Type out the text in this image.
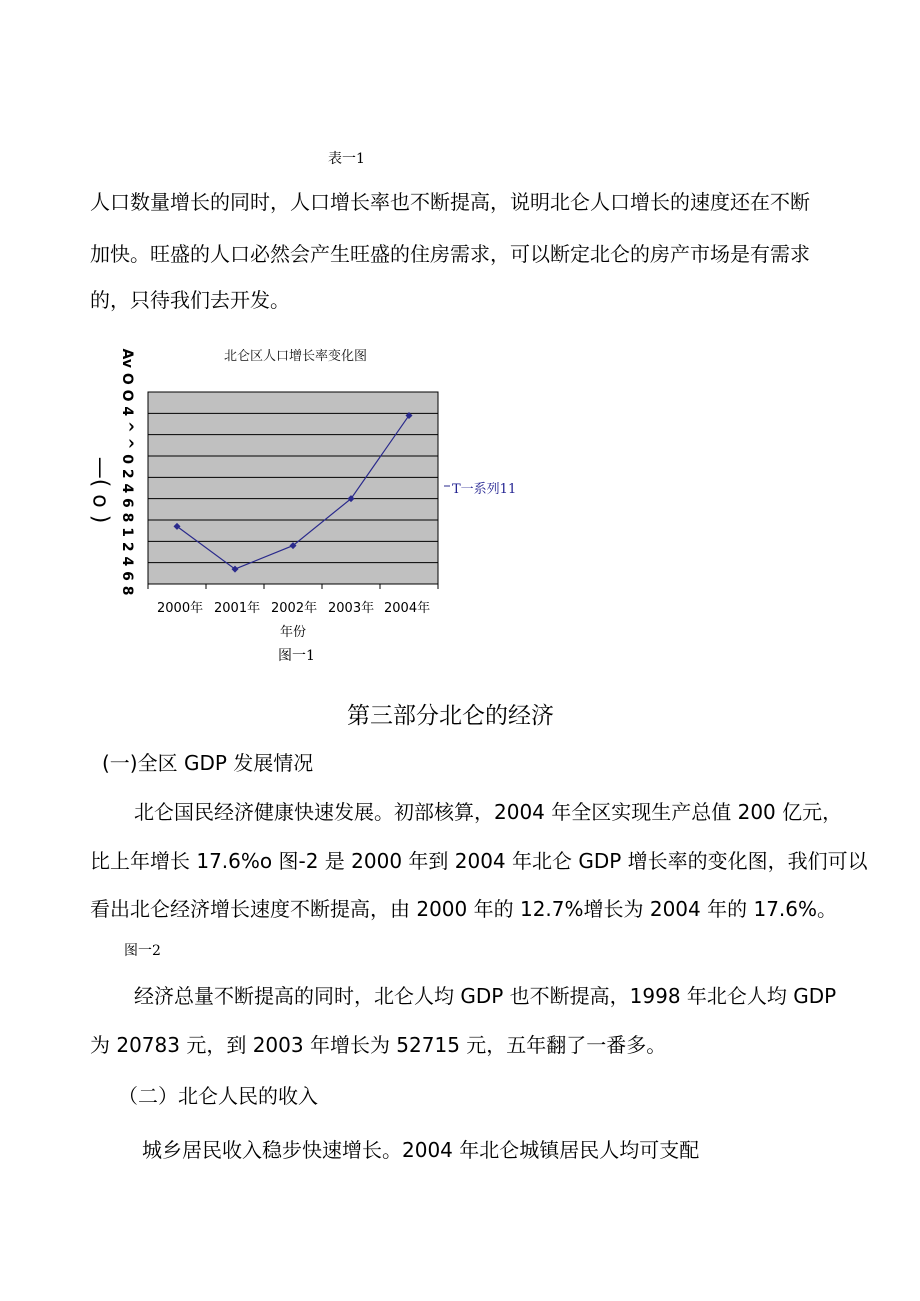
表一1
人口数量增长的同时，人口增长率也不断提高，说明北仑人口增长的速度还在不断
加快。旺盛的人口必然会产生旺盛的住房需求，可以断定北仑的房产市场是有需求
的，只待我们去开发。
北仑区人口增长率变化图
Av O O 4 ^ ^ 0 2 4 6 8 1 2 4 6 8
—( o )	T一系列11
2000年 2001年 2002年 2003年 2004年
年份
图一1
第三部分北仑的经济
(一)全区 GDP 发展情况
北仑国民经济健康快速发展。初部核算，2004 年全区实现生产总值 200 亿元，
比上年增长 17.6%o 图-2 是 2000 年到 2004 年北仑 GDP 增长率的变化图，我们可以
看出北仑经济增长速度不断提高，由 2000 年的 12.7%增长为 2004 年的 17.6%。
图一2
经济总量不断提高的同时，北仑人均 GDP 也不断提高，1998 年北仑人均 GDP
为 20783 元，到 2003 年增长为 52715 元，五年翻了一番多。
（二）北仑人民的收入
城乡居民收入稳步快速增长。2004 年北仑城镇居民人均可支配
